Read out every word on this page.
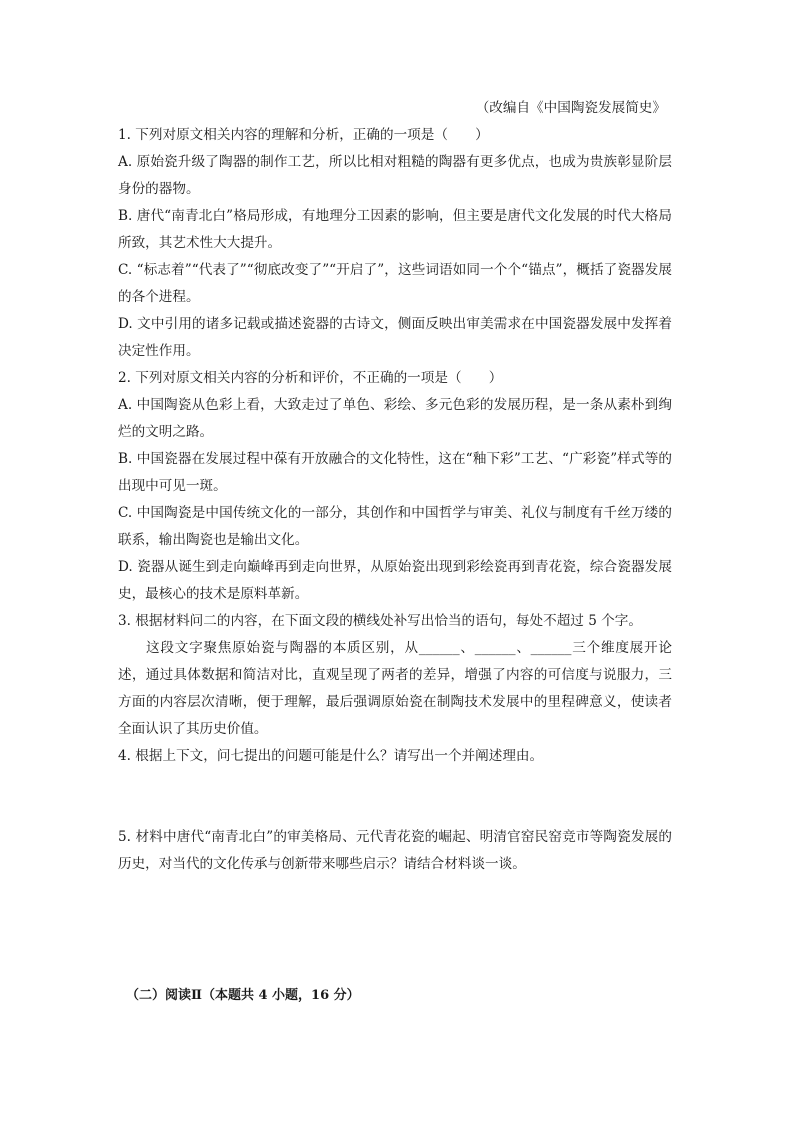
（改编自《中国陶瓷发展简史》

1. 下列对原文相关内容的理解和分析，正确的一项是（　　）

A. 原始瓷升级了陶器的制作工艺，所以比相对粗糙的陶器有更多优点，也成为贵族彰显阶层身份的器物。

B. 唐代“南青北白”格局形成，有地理分工因素的影响，但主要是唐代文化发展的时代大格局所致，其艺术性大大提升。

C. “标志着”“代表了”“彻底改变了”“开启了”，这些词语如同一个个“锚点”，概括了瓷器发展的各个进程。

D. 文中引用的诸多记载或描述瓷器的古诗文，侧面反映出审美需求在中国瓷器发展中发挥着决定性作用。

2. 下列对原文相关内容的分析和评价，不正确的一项是（　　）

A. 中国陶瓷从色彩上看，大致走过了单色、彩绘、多元色彩的发展历程，是一条从素朴到绚烂的文明之路。

B. 中国瓷器在发展过程中葆有开放融合的文化特性，这在“釉下彩”工艺、“广彩瓷”样式等的出现中可见一斑。

C. 中国陶瓷是中国传统文化的一部分，其创作和中国哲学与审美、礼仪与制度有千丝万缕的联系，输出陶瓷也是输出文化。

D. 瓷器从诞生到走向巅峰再到走向世界，从原始瓷出现到彩绘瓷再到青花瓷，综合瓷器发展史，最核心的技术是原料革新。

3. 根据材料问二的内容，在下面文段的横线处补写出恰当的语句，每处不超过 5 个字。

这段文字聚焦原始瓷与陶器的本质区别，从______、______、______三个维度展开论述，通过具体数据和简洁对比，直观呈现了两者的差异，增强了内容的可信度与说服力，三方面的内容层次清晰，便于理解，最后强调原始瓷在制陶技术发展中的里程碑意义，使读者全面认识了其历史价值。

4. 根据上下文，问七提出的问题可能是什么？请写出一个并阐述理由。

5. 材料中唐代“南青北白”的审美格局、元代青花瓷的崛起、明清官窑民窑竞市等陶瓷发展的历史，对当代的文化传承与创新带来哪些启示？请结合材料谈一谈。

（二）阅读Ⅱ（本题共 4 小题，16 分）
